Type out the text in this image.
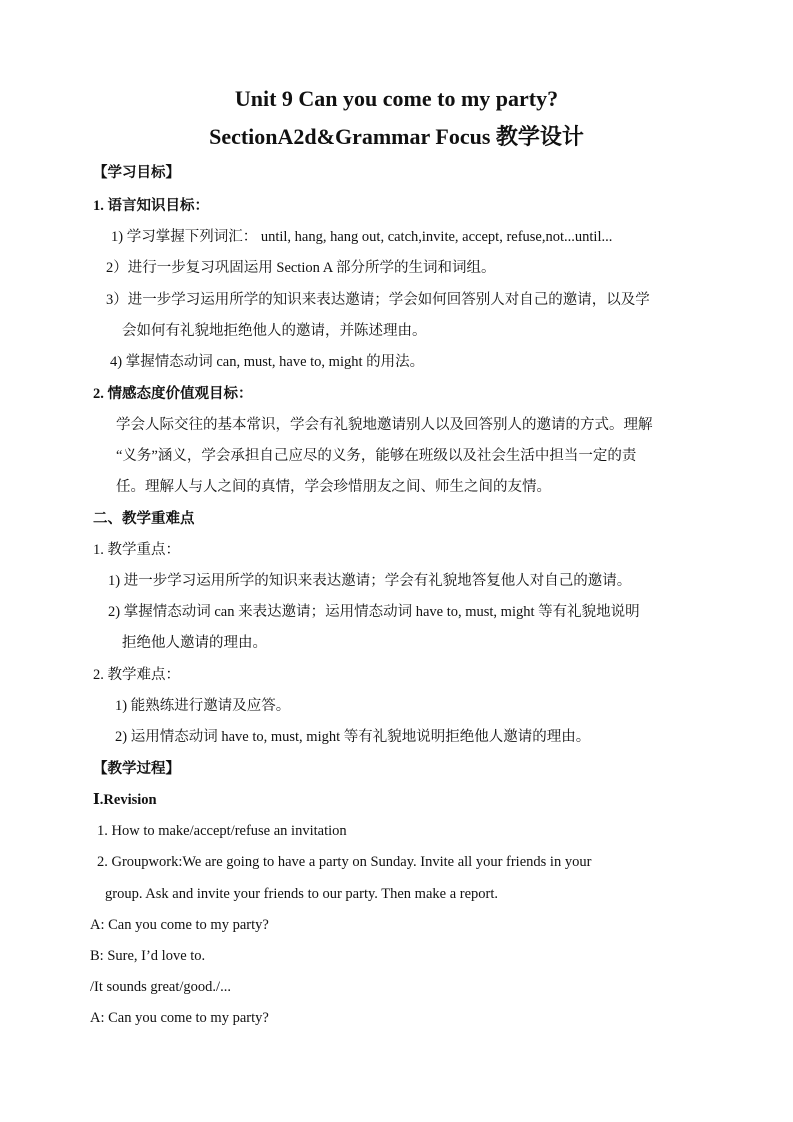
Unit 9 Can you come to my party?
SectionA2d&Grammar Focus 教学设计
【学习目标】
1. 语言知识目标：
1) 学习掌握下列词汇： until, hang, hang out, catch,invite, accept, refuse,not...until...
2）进行一步复习巩固运用 Section A 部分所学的生词和词组。
3）进一步学习运用所学的知识来表达邀请；学会如何回答别人对自己的邀请，以及学
会如何有礼貌地拒绝他人的邀请，并陈述理由。
4) 掌握情态动词 can, must, have to, might 的用法。
2. 情感态度价值观目标：
学会人际交往的基本常识，学会有礼貌地邀请别人以及回答别人的邀请的方式。理解
“义务”涵义，学会承担自己应尽的义务，能够在班级以及社会生活中担当一定的责
任。理解人与人之间的真情，学会珍惜朋友之间、师生之间的友情。
二、教学重难点
1. 教学重点：
1) 进一步学习运用所学的知识来表达邀请；学会有礼貌地答复他人对自己的邀请。
2) 掌握情态动词 can 来表达邀请；运用情态动词 have to, must, might 等有礼貌地说明
拒绝他人邀请的理由。
2. 教学难点：
1) 能熟练进行邀请及应答。
2) 运用情态动词 have to, must, might 等有礼貌地说明拒绝他人邀请的理由。
【教学过程】
Ⅰ.Revision
1. How to make/accept/refuse an invitation
2. Groupwork:We are going to have a party on Sunday. Invite all your friends in your
group. Ask and invite your friends to our party. Then make a report.
A: Can you come to my party?
B: Sure, I’d love to.
/It sounds great/good./...
A: Can you come to my party?
